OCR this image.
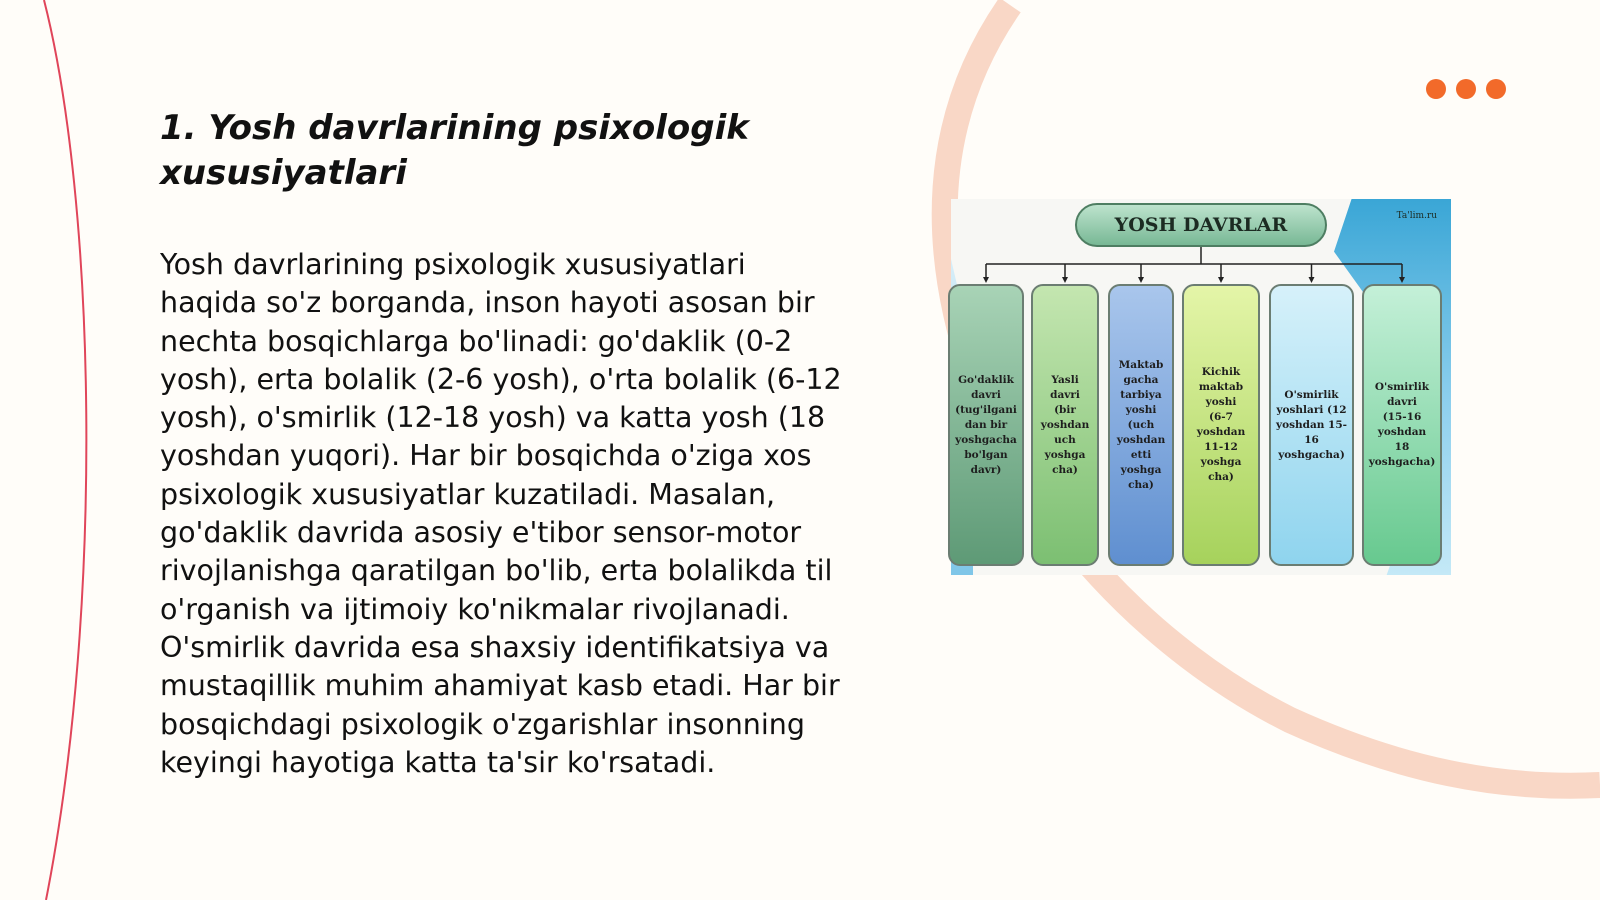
1. Yosh davrlarining psixologik xususiyatlari

Yosh davrlarining psixologik xususiyatlari haqida so'z borganda, inson hayoti asosan bir nechta bosqichlarga bo'linadi: go'daklik (0-2 yosh), erta bolalik (2-6 yosh), o'rta bolalik (6-12 yosh), o'smirlik (12-18 yosh) va katta yosh (18 yoshdan yuqori). Har bir bosqichda o'ziga xos psixologik xususiyatlar kuzatiladi. Masalan, go'daklik davrida asosiy e'tibor sensor-motor rivojlanishga qaratilgan bo'lib, erta bolalikda til o'rganish va ijtimoiy ko'nikmalar rivojlanadi. O'smirlik davrida esa shaxsiy identifikatsiya va mustaqillik muhim ahamiyat kasb etadi. Har bir bosqichdagi psixologik o'zgarishlar insonning keyingi hayotiga katta ta'sir ko'rsatadi.

YOSH DAVRLAR	Ta'lim.ru
Go'daklik
davri
(tug'ilgani
dan bir
yoshgacha
bo'lgan
davr)
Yasli
davri
(bir
yoshdan
uch
yoshga
cha)
Maktab
gacha
tarbiya
yoshi
(uch
yoshdan
etti
yoshga
cha)
Kichik
maktab
yoshi
(6-7
yoshdan
11-12
yoshga
cha)
O'smirlik
yoshlari (12
yoshdan 15-
16
yoshgacha)
O'smirlik
davri
(15-16
yoshdan
18
yoshgacha)
